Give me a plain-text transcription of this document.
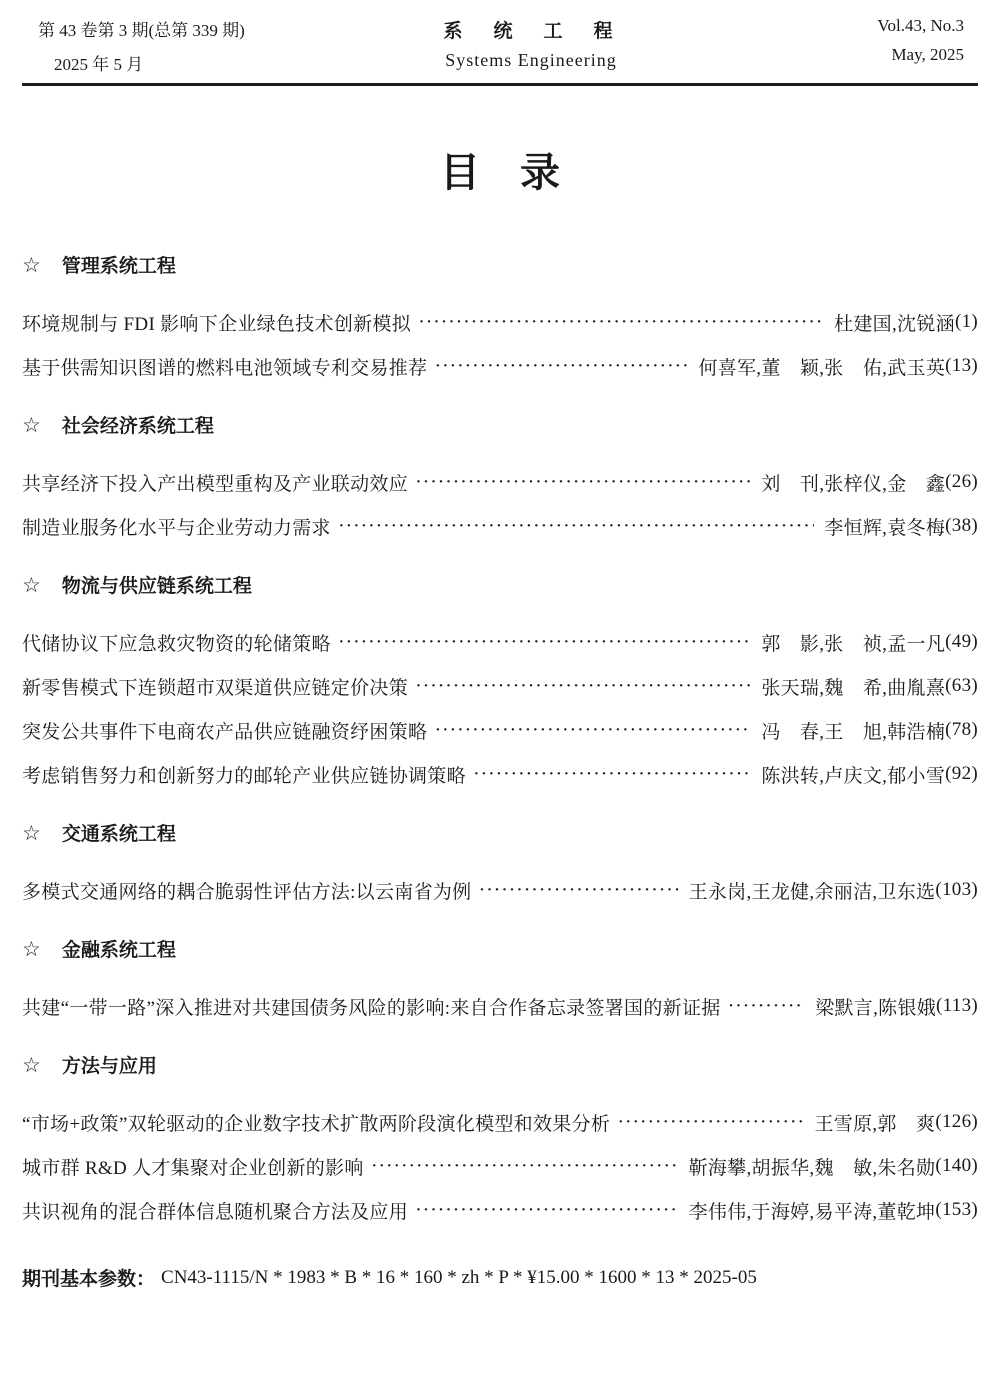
第 43 卷第 3 期(总第 339 期)
2025 年 5 月
系　统　工　程
Systems Engineering
Vol.43, No.3
May, 2025
目　录
☆ 管理系统工程
环境规制与 FDI 影响下企业绿色技术创新模拟 ·····	杜建国,沈锐涵 (1)
基于供需知识图谱的燃料电池领域专利交易推荐 ·····	何喜军,董　颖,张　佑,武玉英 (13)
☆ 社会经济系统工程
共享经济下投入产出模型重构及产业联动效应 ·····	刘　刊,张梓仪,金　鑫 (26)
制造业服务化水平与企业劳动力需求 ·····	李恒辉,袁冬梅 (38)
☆ 物流与供应链系统工程
代储协议下应急救灾物资的轮储策略 ·····	郭　影,张　祯,孟一凡 (49)
新零售模式下连锁超市双渠道供应链定价决策 ·····	张天瑞,魏　希,曲胤熹 (63)
突发公共事件下电商农产品供应链融资纾困策略 ·····	冯　春,王　旭,韩浩楠 (78)
考虑销售努力和创新努力的邮轮产业供应链协调策略 ·····	陈洪转,卢庆文,郁小雪 (92)
☆ 交通系统工程
多模式交通网络的耦合脆弱性评估方法:以云南省为例 ·····	王永岗,王龙健,余丽洁,卫东选 (103)
☆ 金融系统工程
共建“一带一路”深入推进对共建国债务风险的影响:来自合作备忘录签署国的新证据 ·····	梁默言,陈银娥 (113)
☆ 方法与应用
“市场+政策”双轮驱动的企业数字技术扩散两阶段演化模型和效果分析 ·····	王雪原,郭　爽 (126)
城市群 R&D 人才集聚对企业创新的影响 ·····	靳海攀,胡振华,魏　敏,朱名勋 (140)
共识视角的混合群体信息随机聚合方法及应用 ·····	李伟伟,于海婷,易平涛,董乾坤 (153)
期刊基本参数： CN43-1115/N * 1983 * B * 16 * 160 * zh * P * ¥15.00 * 1600 * 13 * 2025-05
